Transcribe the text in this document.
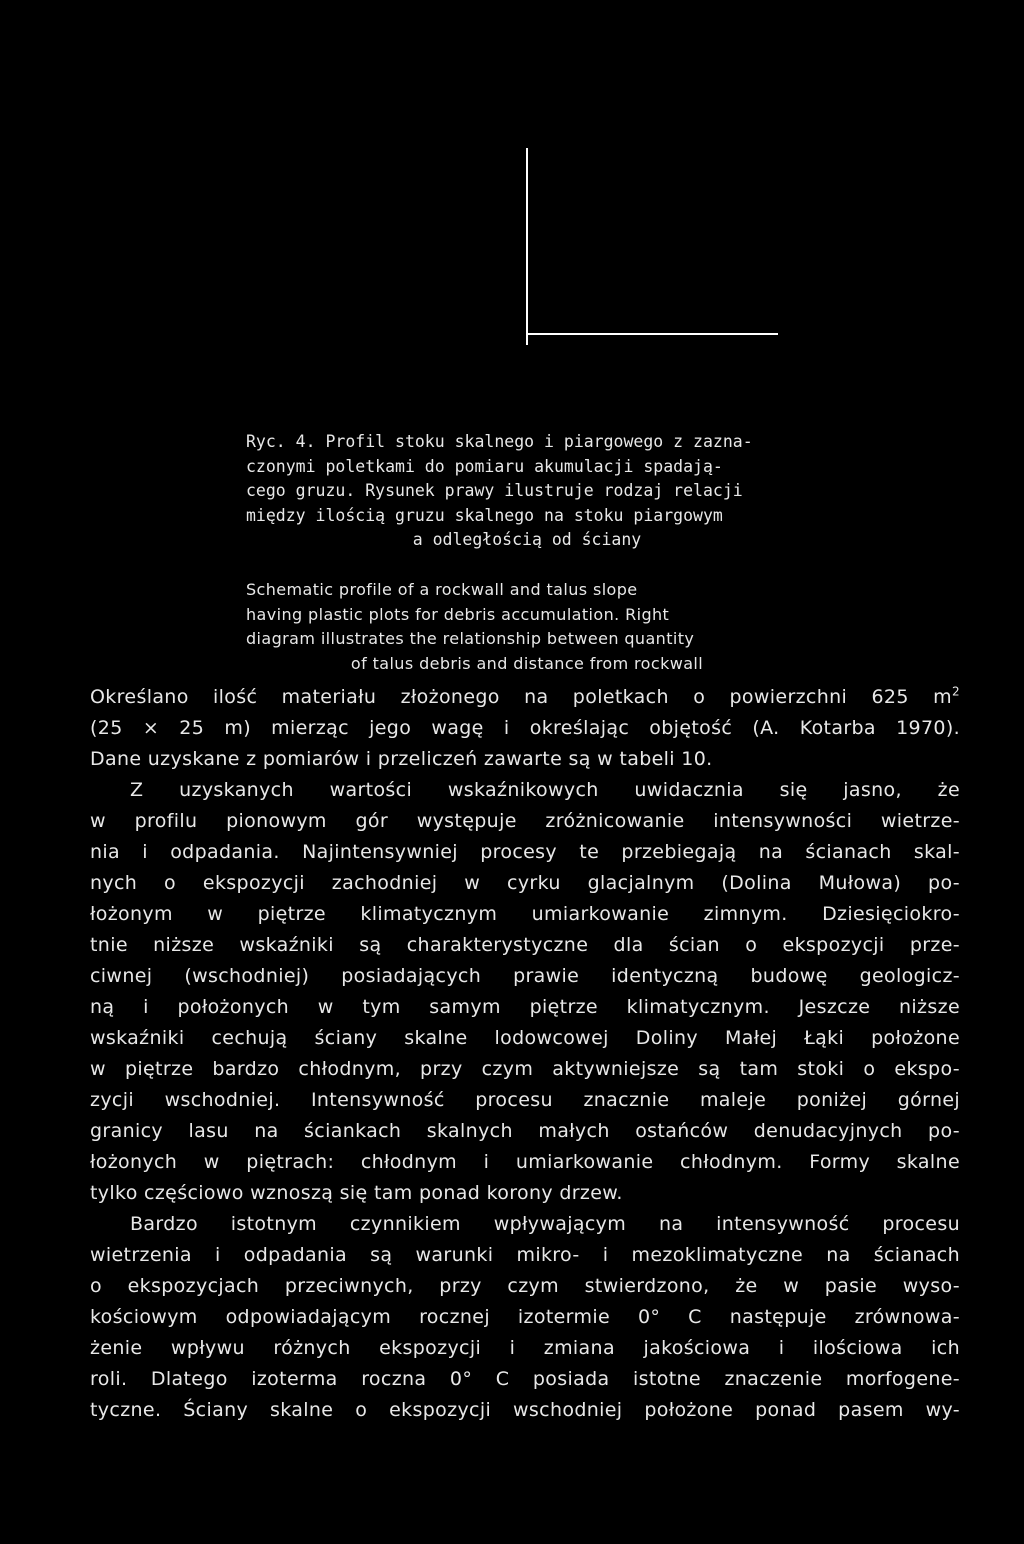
Ryc. 4. Profil stoku skalnego i piargowego z zazna-

czonymi poletkami do pomiaru akumulacji spadają-

cego gruzu. Rysunek prawy ilustruje rodzaj relacji

między ilością gruzu skalnego na stoku piargowym

a odległością od ściany

Schematic profile of a rockwall and talus slope

having plastic plots for debris accumulation. Right

diagram illustrates the relationship between quantity

of talus debris and distance from rockwall

Określano ilość materiału złożonego na poletkach o powierzchni 625 $m^2$
(25 × 25 m) mierząc jego wagę i określając objętość (A. Kotarba 1970).
Dane uzyskane z pomiarów i przeliczeń zawarte są w tabeli 10.
Z uzyskanych wartości wskaźnikowych uwidacznia się jasno, że
w profilu pionowym gór występuje zróżnicowanie intensywności wietrze-
nia i odpadania. Najintensywniej procesy te przebiegają na ścianach skal-
nych o ekspozycji zachodniej w cyrku glacjalnym (Dolina Mułowa) po-
łożonym w piętrze klimatycznym umiarkowanie zimnym. Dziesięciokro-
tnie niższe wskaźniki są charakterystyczne dla ścian o ekspozycji prze-
ciwnej (wschodniej) posiadających prawie identyczną budowę geologicz-
ną i położonych w tym samym piętrze klimatycznym. Jeszcze niższe
wskaźniki cechują ściany skalne lodowcowej Doliny Małej Łąki położone
w piętrze bardzo chłodnym, przy czym aktywniejsze są tam stoki o ekspo-
zycji wschodniej. Intensywność procesu znacznie maleje poniżej górnej
granicy lasu na ściankach skalnych małych ostańców denudacyjnych po-
łożonych w piętrach: chłodnym i umiarkowanie chłodnym. Formy skalne
tylko częściowo wznoszą się tam ponad korony drzew.
Bardzo istotnym czynnikiem wpływającym na intensywność procesu
wietrzenia i odpadania są warunki mikro- i mezoklimatyczne na ścianach
o ekspozycjach przeciwnych, przy czym stwierdzono, że w pasie wyso-
kościowym odpowiadającym rocznej izotermie 0° C następuje zrównowa-
żenie wpływu różnych ekspozycji i zmiana jakościowa i ilościowa ich
roli. Dlatego izoterma roczna 0° C posiada istotne znaczenie morfogene-
tyczne. Ściany skalne o ekspozycji wschodniej położone ponad pasem wy-
